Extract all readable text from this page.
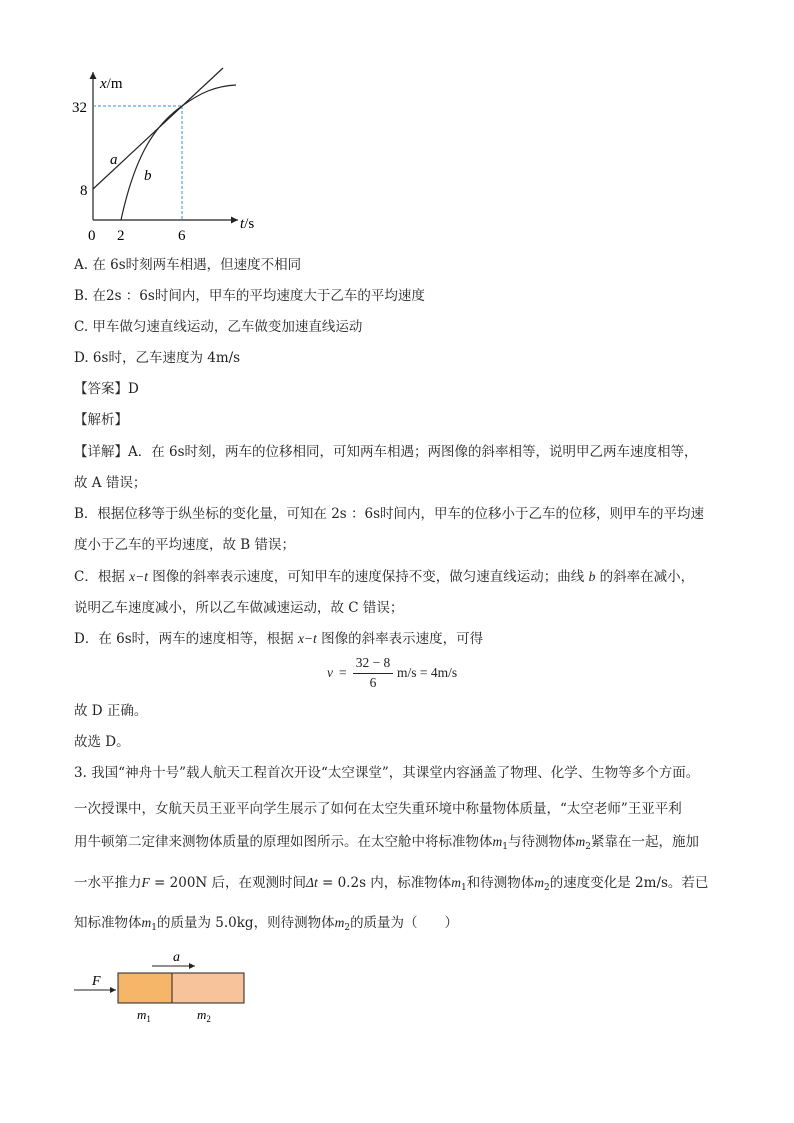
x/m
t/s
32
8
0 2	6
a
b
A. 在 6s时刻两车相遇，但速度不相同
B. 在2s ：6s时间内，甲车的平均速度大于乙车的平均速度
C. 甲车做匀速直线运动，乙车做变加速直线运动
D. 6s时，乙车速度为 4m/s
【答案】D
【解析】
【详解】A．在 6s时刻，两车的位移相同，可知两车相遇；两图像的斜率相等，说明甲乙两车速度相等，
故 A 错误；
B．根据位移等于纵坐标的变化量，可知在 2s ：6s时间内，甲车的位移小于乙车的位移，则甲车的平均速
度小于乙车的平均速度，故 B 错误；
C．根据 x−t 图像的斜率表示速度，可知甲车的速度保持不变，做匀速直线运动；曲线 b 的斜率在减小，
说明乙车速度减小，所以乙车做减速运动，故 C 错误；
D．在 6s时，两车的速度相等，根据 x−t 图像的斜率表示速度，可得
v =
32 − 8
6
m/s = 4m/s
故 D 正确。
故选 D。
3. 我国“神舟十号”载人航天工程首次开设“太空课堂”，其课堂内容涵盖了物理、化学、生物等多个方面。
一次授课中，女航天员王亚平向学生展示了如何在太空失重环境中称量物体质量，“太空老师”王亚平利
用牛顿第二定律来测物体质量的原理如图所示。在太空舱中将标准物体$m_1$与待测物体$m_2$紧靠在一起，施加
一水平推力F = 200N 后，在观测时间Δt = 0.2s 内，标准物体$m_1$和待测物体$m_2$的速度变化是 2m/s。若已
知标准物体$m_1$的质量为 5.0kg，则待测物体$m_2$的质量为（　　）
a
F
$m_1$	$m_2$
